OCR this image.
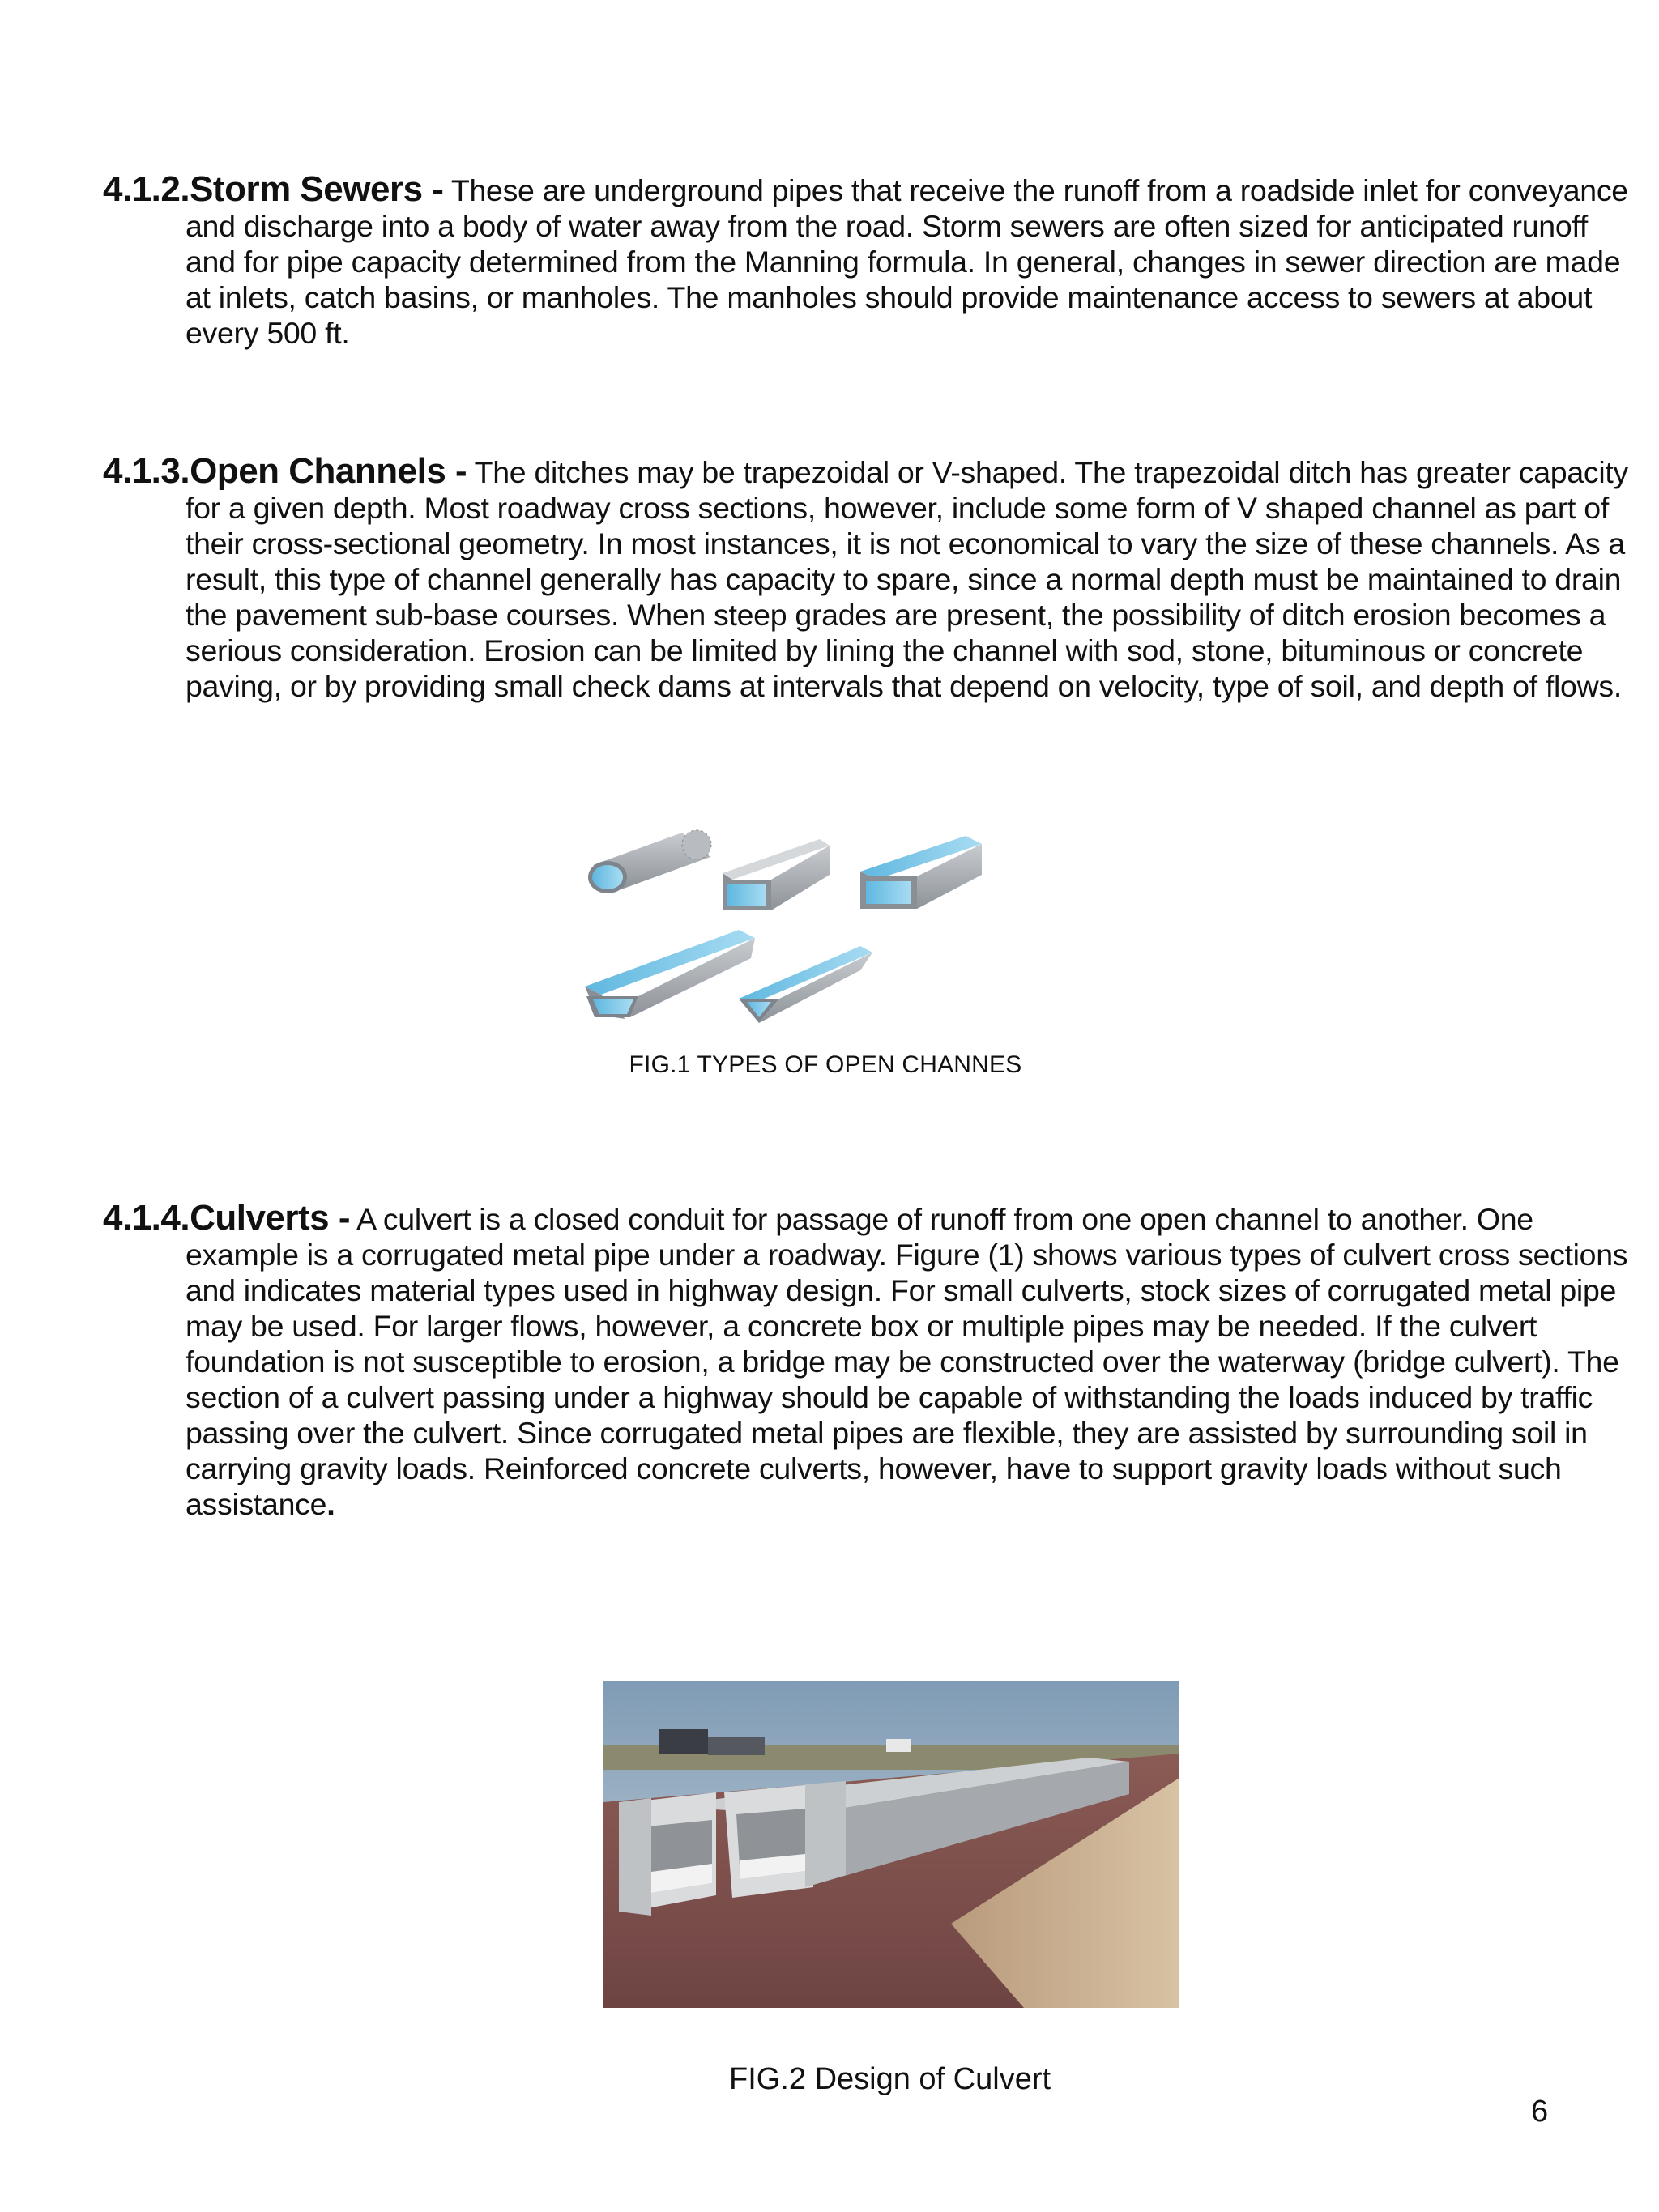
4.1.2.Storm Sewers - These are underground pipes that receive the runoff from a roadside inlet for conveyance and discharge into a body of water away from the road. Storm sewers are often sized for anticipated runoff and for pipe capacity determined from the Manning formula. In general, changes in sewer direction are made at inlets, catch basins, or manholes. The manholes should provide maintenance access to sewers at about every 500 ft.

4.1.3.Open Channels - The ditches may be trapezoidal or V-shaped. The trapezoidal ditch has greater capacity for a given depth. Most roadway cross sections, however, include some form of V shaped channel as part of their cross-sectional geometry. In most instances, it is not economical to vary the size of these channels. As a result, this type of channel generally has capacity to spare, since a normal depth must be maintained to drain the pavement sub-base courses. When steep grades are present, the possibility of ditch erosion becomes a serious consideration. Erosion can be limited by lining the channel with sod, stone, bituminous or concrete paving, or by providing small check dams at intervals that depend on velocity, type of soil, and depth of flows.

FIG.1 TYPES OF OPEN CHANNES

4.1.4.Culverts - A culvert is a closed conduit for passage of runoff from one open channel to another. One example is a corrugated metal pipe under a roadway. Figure (1) shows various types of culvert cross sections and indicates material types used in highway design. For small culverts, stock sizes of corrugated metal pipe may be used. For larger flows, however, a concrete box or multiple pipes may be needed. If the culvert foundation is not susceptible to erosion, a bridge may be constructed over the waterway (bridge culvert). The section of a culvert passing under a highway should be capable of withstanding the loads induced by traffic passing over the culvert. Since corrugated metal pipes are flexible, they are assisted by surrounding soil in carrying gravity loads. Reinforced concrete culverts, however, have to support gravity loads without such assistance.

FIG.2 Design of Culvert
6
